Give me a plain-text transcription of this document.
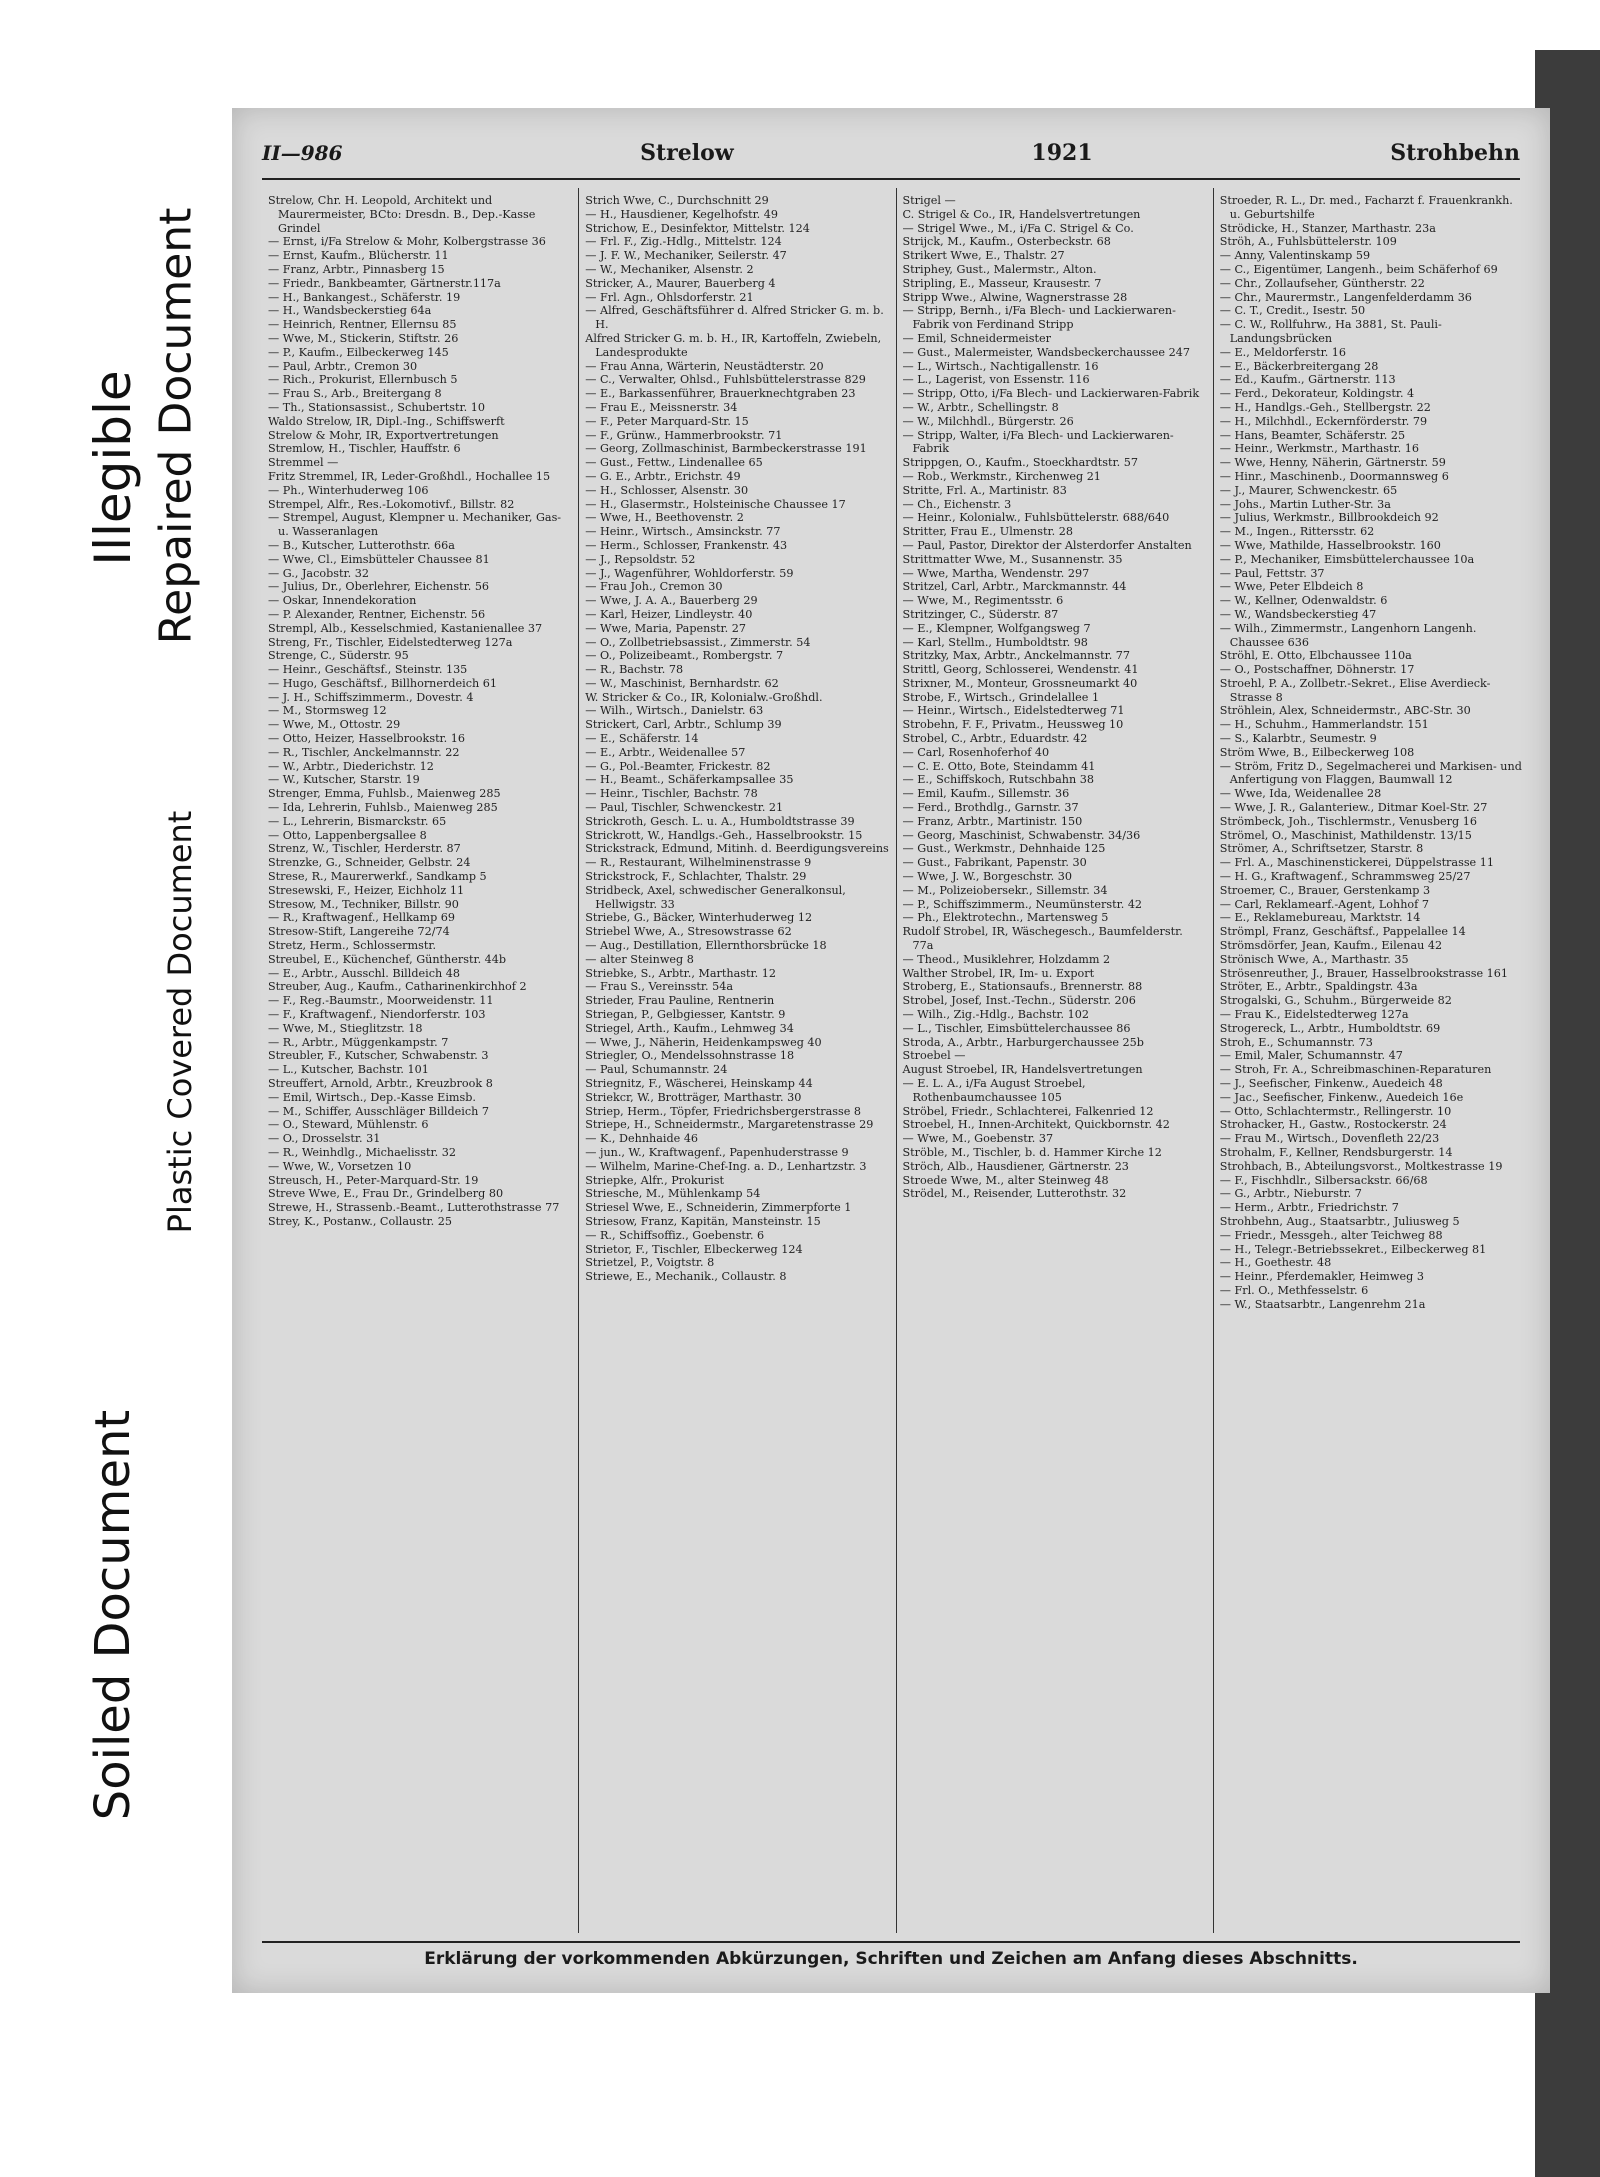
Illegible Repaired Document
Plastic Covered Document
Soiled Document
II—986	Strelow	1921	Strohbehn

Strelow, Chr. H. Leopold, Architekt und Maurermeister, BCto: Dresdn. B., Dep.-Kasse Grindel

— Ernst, i/Fa Strelow & Mohr, Kolbergstrasse 36

— Ernst, Kaufm., Blücherstr. 11

— Franz, Arbtr., Pinnasberg 15

— Friedr., Bankbeamter, Gärtnerstr.117a

— H., Bankangest., Schäferstr. 19

— H., Wandsbeckerstieg 64a

— Heinrich, Rentner, Ellernsu 85

— Wwe, M., Stickerin, Stiftstr. 26

— P., Kaufm., Eilbeckerweg 145

— Paul, Arbtr., Cremon 30

— Rich., Prokurist, Ellernbusch 5

— Frau S., Arb., Breitergang 8

— Th., Stationsassist., Schubertstr. 10

Waldo Strelow, IR, Dipl.-Ing., Schiffswerft

Strelow & Mohr, IR, Exportvertretungen

Stremlow, H., Tischler, Hauffstr. 6

Stremmel —

Fritz Stremmel, IR, Leder-Großhdl., Hochallee 15

— Ph., Winterhuderweg 106

Strempel, Alfr., Res.-Lokomotivf., Billstr. 82

— Strempel, August, Klempner u. Mechaniker, Gas- u. Wasseranlagen

— B., Kutscher, Lutterothstr. 66a

— Wwe, Cl., Eimsbütteler Chaussee 81

— G., Jacobstr. 32

— Julius, Dr., Oberlehrer, Eichenstr. 56

— Oskar, Innendekoration

— P. Alexander, Rentner, Eichenstr. 56

Strempl, Alb., Kesselschmied, Kastanienallee 37

Streng, Fr., Tischler, Eidelstedterweg 127a

Strenge, C., Süderstr. 95

— Heinr., Geschäftsf., Steinstr. 135

— Hugo, Geschäftsf., Billhornerdeich 61

— J. H., Schiffszimmerm., Dovestr. 4

— M., Stormsweg 12

— Wwe, M., Ottostr. 29

— Otto, Heizer, Hasselbrookstr. 16

— R., Tischler, Anckelmannstr. 22

— W., Arbtr., Diederichstr. 12

— W., Kutscher, Starstr. 19

Strenger, Emma, Fuhlsb., Maienweg 285

— Ida, Lehrerin, Fuhlsb., Maienweg 285

— L., Lehrerin, Bismarckstr. 65

— Otto, Lappenbergsallee 8

Strenz, W., Tischler, Herderstr. 87

Strenzke, G., Schneider, Gelbstr. 24

Strese, R., Maurerwerkf., Sandkamp 5

Stresewski, F., Heizer, Eichholz 11

Stresow, M., Techniker, Billstr. 90

— R., Kraftwagenf., Hellkamp 69

Stresow-Stift, Langereihe 72/74

Stretz, Herm., Schlossermstr.

Streubel, E., Küchenchef, Güntherstr. 44b

— E., Arbtr., Ausschl. Billdeich 48

Streuber, Aug., Kaufm., Catharinenkirchhof 2

— F., Reg.-Baumstr., Moorweidenstr. 11

— F., Kraftwagenf., Niendorferstr. 103

— Wwe, M., Stieglitzstr. 18

— R., Arbtr., Müggenkampstr. 7

Streubler, F., Kutscher, Schwabenstr. 3

— L., Kutscher, Bachstr. 101

Streuffert, Arnold, Arbtr., Kreuzbrook 8

— Emil, Wirtsch., Dep.-Kasse Eimsb.

— M., Schiffer, Ausschläger Billdeich 7

— O., Steward, Mühlenstr. 6

— O., Drosselstr. 31

— R., Weinhdlg., Michaelisstr. 32

— Wwe, W., Vorsetzen 10

Streusch, H., Peter-Marquard-Str. 19

Streve Wwe, E., Frau Dr., Grindelberg 80

Strewe, H., Strassenb.-Beamt., Lutterothstrasse 77

Strey, K., Postanw., Collaustr. 25

Strich Wwe, C., Durchschnitt 29

— H., Hausdiener, Kegelhofstr. 49

Strichow, E., Desinfektor, Mittelstr. 124

— Frl. F., Zig.-Hdlg., Mittelstr. 124

— J. F. W., Mechaniker, Seilerstr. 47

— W., Mechaniker, Alsenstr. 2

Stricker, A., Maurer, Bauerberg 4

— Frl. Agn., Ohlsdorferstr. 21

— Alfred, Geschäftsführer d. Alfred Stricker G. m. b. H.

Alfred Stricker G. m. b. H., IR, Kartoffeln, Zwiebeln, Landesprodukte

— Frau Anna, Wärterin, Neustädterstr. 20

— C., Verwalter, Ohlsd., Fuhlsbüttelerstrasse 829

— E., Barkassenführer, Brauerknechtgraben 23

— Frau E., Meissnerstr. 34

— F., Peter Marquard-Str. 15

— F., Grünw., Hammerbrookstr. 71

— Georg, Zollmaschinist, Barmbeckerstrasse 191

— Gust., Fettw., Lindenallee 65

— G. E., Arbtr., Erichstr. 49

— H., Schlosser, Alsenstr. 30

— H., Glasermstr., Holsteinische Chaussee 17

— Wwe, H., Beethovenstr. 2

— Heinr., Wirtsch., Amsinckstr. 77

— Herm., Schlosser, Frankenstr. 43

— J., Repsoldstr. 52

— J., Wagenführer, Wohldorferstr. 59

— Frau Joh., Cremon 30

— Wwe, J. A. A., Bauerberg 29

— Karl, Heizer, Lindleystr. 40

— Wwe, Maria, Papenstr. 27

— O., Zollbetriebsassist., Zimmerstr. 54

— O., Polizeibeamt., Rombergstr. 7

— R., Bachstr. 78

— W., Maschinist, Bernhardstr. 62

W. Stricker & Co., IR, Kolonialw.-Großhdl.

— Wilh., Wirtsch., Danielstr. 63

Strickert, Carl, Arbtr., Schlump 39

— E., Schäferstr. 14

— E., Arbtr., Weidenallee 57

— G., Pol.-Beamter, Frickestr. 82

— H., Beamt., Schäferkampsallee 35

— Heinr., Tischler, Bachstr. 78

— Paul, Tischler, Schwenckestr. 21

Strickroth, Gesch. L. u. A., Humboldtstrasse 39

Strickrott, W., Handlgs.-Geh., Hasselbrookstr. 15

Strickstrack, Edmund, Mitinh. d. Beerdigungsvereins

— R., Restaurant, Wilhelminenstrasse 9

Strickstrock, F., Schlachter, Thalstr. 29

Stridbeck, Axel, schwedischer Generalkonsul, Hellwigstr. 33

Striebe, G., Bäcker, Winterhuderweg 12

Striebel Wwe, A., Stresowstrasse 62

— Aug., Destillation, Ellernthorsbrücke 18

— alter Steinweg 8

Striebke, S., Arbtr., Marthastr. 12

— Frau S., Vereinsstr. 54a

Strieder, Frau Pauline, Rentnerin

Striegan, P., Gelbgiesser, Kantstr. 9

Striegel, Arth., Kaufm., Lehmweg 34

— Wwe, J., Näherin, Heidenkampsweg 40

Striegler, O., Mendelssohnstrasse 18

— Paul, Schumannstr. 24

Striegnitz, F., Wäscherei, Heinskamp 44

Striekcr, W., Brotträger, Marthastr. 30

Striep, Herm., Töpfer, Friedrichsbergerstrasse 8

Striepe, H., Schneidermstr., Margaretenstrasse 29

— K., Dehnhaide 46

— jun., W., Kraftwagenf., Papenhuderstrasse 9

— Wilhelm, Marine-Chef-Ing. a. D., Lenhartzstr. 3

Striepke, Alfr., Prokurist

Striesche, M., Mühlenkamp 54

Striesel Wwe, E., Schneiderin, Zimmerpforte 1

Striesow, Franz, Kapitän, Mansteinstr. 15

— R., Schiffsoffiz., Goebenstr. 6

Strietor, F., Tischler, Elbeckerweg 124

Strietzel, P., Voigtstr. 8

Striewe, E., Mechanik., Collaustr. 8

Strigel —

C. Strigel & Co., IR, Handelsvertretungen

— Strigel Wwe., M., i/Fa C. Strigel & Co.

Strijck, M., Kaufm., Osterbeckstr. 68

Strikert Wwe, E., Thalstr. 27

Striphey, Gust., Malermstr., Alton.

Stripling, E., Masseur, Krausestr. 7

Stripp Wwe., Alwine, Wagnerstrasse 28

— Stripp, Bernh., i/Fa Blech- und Lackierwaren-Fabrik von Ferdinand Stripp

— Emil, Schneidermeister

— Gust., Malermeister, Wandsbeckerchaussee 247

— L., Wirtsch., Nachtigallenstr. 16

— L., Lagerist, von Essenstr. 116

— Stripp, Otto, i/Fa Blech- und Lackierwaren-Fabrik

— W., Arbtr., Schellingstr. 8

— W., Milchhdl., Bürgerstr. 26

— Stripp, Walter, i/Fa Blech- und Lackierwaren-Fabrik

Strippgen, O., Kaufm., Stoeckhardtstr. 57

— Rob., Werkmstr., Kirchenweg 21

Stritte, Frl. A., Martinistr. 83

— Ch., Eichenstr. 3

— Heinr., Kolonialw., Fuhlsbüttelerstr. 688/640

Stritter, Frau E., Ulmenstr. 28

— Paul, Pastor, Direktor der Alsterdorfer Anstalten

Strittmatter Wwe, M., Susannenstr. 35

— Wwe, Martha, Wendenstr. 297

Stritzel, Carl, Arbtr., Marckmannstr. 44

— Wwe, M., Regimentsstr. 6

Stritzinger, C., Süderstr. 87

— E., Klempner, Wolfgangsweg 7

— Karl, Stellm., Humboldtstr. 98

Stritzky, Max, Arbtr., Anckelmannstr. 77

Strittl, Georg, Schlosserei, Wendenstr. 41

Strixner, M., Monteur, Grossneumarkt 40

Strobe, F., Wirtsch., Grindelallee 1

— Heinr., Wirtsch., Eidelstedterweg 71

Strobehn, F. F., Privatm., Heussweg 10

Strobel, C., Arbtr., Eduardstr. 42

— Carl, Rosenhoferhof 40

— C. E. Otto, Bote, Steindamm 41

— E., Schiffskoch, Rutschbahn 38

— Emil, Kaufm., Sillemstr. 36

— Ferd., Brothdlg., Garnstr. 37

— Franz, Arbtr., Martinistr. 150

— Georg, Maschinist, Schwabenstr. 34/36

— Gust., Werkmstr., Dehnhaide 125

— Gust., Fabrikant, Papenstr. 30

— Wwe, J. W., Borgeschstr. 30

— M., Polizeiobersekr., Sillemstr. 34

— P., Schiffszimmerm., Neumünsterstr. 42

— Ph., Elektrotechn., Martensweg 5

Rudolf Strobel, IR, Wäschegesch., Baumfelderstr. 77a

— Theod., Musiklehrer, Holzdamm 2

Walther Strobel, IR, Im- u. Export

Stroberg, E., Stationsaufs., Brennerstr. 88

Strobel, Josef, Inst.-Techn., Süderstr. 206

— Wilh., Zig.-Hdlg., Bachstr. 102

— L., Tischler, Eimsbüttelerchaussee 86

Stroda, A., Arbtr., Harburgerchaussee 25b

Stroebel —

August Stroebel, IR, Handelsvertretungen

— E. L. A., i/Fa August Stroebel, Rothenbaumchaussee 105

Ströbel, Friedr., Schlachterei, Falkenried 12

Stroebel, H., Innen-Architekt, Quickbornstr. 42

— Wwe, M., Goebenstr. 37

Ströble, M., Tischler, b. d. Hammer Kirche 12

Ströch, Alb., Hausdiener, Gärtnerstr. 23

Stroede Wwe, M., alter Steinweg 48

Strödel, M., Reisender, Lutterothstr. 32

Stroeder, R. L., Dr. med., Facharzt f. Frauenkrankh. u. Geburtshilfe

Strödicke, H., Stanzer, Marthastr. 23a

Ströh, A., Fuhlsbüttelerstr. 109

— Anny, Valentinskamp 59

— C., Eigentümer, Langenh., beim Schäferhof 69

— Chr., Zollaufseher, Güntherstr. 22

— Chr., Maurermstr., Langenfelderdamm 36

— C. T., Credit., Isestr. 50

— C. W., Rollfuhrw., Ha 3881, St. Pauli-Landungsbrücken

— E., Meldorferstr. 16

— E., Bäckerbreitergang 28

— Ed., Kaufm., Gärtnerstr. 113

— Ferd., Dekorateur, Koldingstr. 4

— H., Handlgs.-Geh., Stellbergstr. 22

— H., Milchhdl., Eckernförderstr. 79

— Hans, Beamter, Schäferstr. 25

— Heinr., Werkmstr., Marthastr. 16

— Wwe, Henny, Näherin, Gärtnerstr. 59

— Hinr., Maschinenb., Doormannsweg 6

— J., Maurer, Schwenckestr. 65

— Johs., Martin Luther-Str. 3a

— Julius, Werkmstr., Billbrookdeich 92

— M., Ingen., Rittersstr. 62

— Wwe, Mathilde, Hasselbrookstr. 160

— P., Mechaniker, Eimsbüttelerchaussee 10a

— Paul, Fettstr. 37

— Wwe, Peter Elbdeich 8

— W., Kellner, Odenwaldstr. 6

— W., Wandsbeckerstieg 47

— Wilh., Zimmermstr., Langenhorn Langenh. Chaussee 636

Ströhl, E. Otto, Elbchaussee 110a

— O., Postschaffner, Döhnerstr. 17

Stroehl, P. A., Zollbetr.-Sekret., Elise Averdieck-Strasse 8

Ströhlein, Alex, Schneidermstr., ABC-Str. 30

— H., Schuhm., Hammerlandstr. 151

— S., Kalarbtr., Seumestr. 9

Ström Wwe, B., Eilbeckerweg 108

— Ström, Fritz D., Segelmacherei und Markisen- und Anfertigung von Flaggen, Baumwall 12

— Wwe, Ida, Weidenallee 28

— Wwe, J. R., Galanteriew., Ditmar Koel-Str. 27

Strömbeck, Joh., Tischlermstr., Venusberg 16

Strömel, O., Maschinist, Mathildenstr. 13/15

Strömer, A., Schriftsetzer, Starstr. 8

— Frl. A., Maschinenstickerei, Düppelstrasse 11

— H. G., Kraftwagenf., Schrammsweg 25/27

Stroemer, C., Brauer, Gerstenkamp 3

— Carl, Reklamearf.-Agent, Lohhof 7

— E., Reklamebureau, Marktstr. 14

Strömpl, Franz, Geschäftsf., Pappelallee 14

Strömsdörfer, Jean, Kaufm., Eilenau 42

Strönisch Wwe, A., Marthastr. 35

Strösenreuther, J., Brauer, Hasselbrookstrasse 161

Ströter, E., Arbtr., Spaldingstr. 43a

Strogalski, G., Schuhm., Bürgerweide 82

— Frau K., Eidelstedterweg 127a

Strogereck, L., Arbtr., Humboldtstr. 69

Stroh, E., Schumannstr. 73

— Emil, Maler, Schumannstr. 47

— Stroh, Fr. A., Schreibmaschinen-Reparaturen

— J., Seefischer, Finkenw., Auedeich 48

— Jac., Seefischer, Finkenw., Auedeich 16e

— Otto, Schlachtermstr., Rellingerstr. 10

Strohacker, H., Gastw., Rostockerstr. 24

— Frau M., Wirtsch., Dovenfleth 22/23

Strohalm, F., Kellner, Rendsburgerstr. 14

Strohbach, B., Abteilungsvorst., Moltkestrasse 19

— F., Fischhdlr., Silbersackstr. 66/68

— G., Arbtr., Nieburstr. 7

— Herm., Arbtr., Friedrichstr. 7

Strohbehn, Aug., Staatsarbtr., Juliusweg 5

— Friedr., Messgeh., alter Teichweg 88

— H., Telegr.-Betriebssekret., Eilbeckerweg 81

— H., Goethestr. 48

— Heinr., Pferdemakler, Heimweg 3

— Frl. O., Methfesselstr. 6

— W., Staatsarbtr., Langenrehm 21a

Erklärung der vorkommenden Abkürzungen, Schriften und Zeichen am Anfang dieses Abschnitts.
